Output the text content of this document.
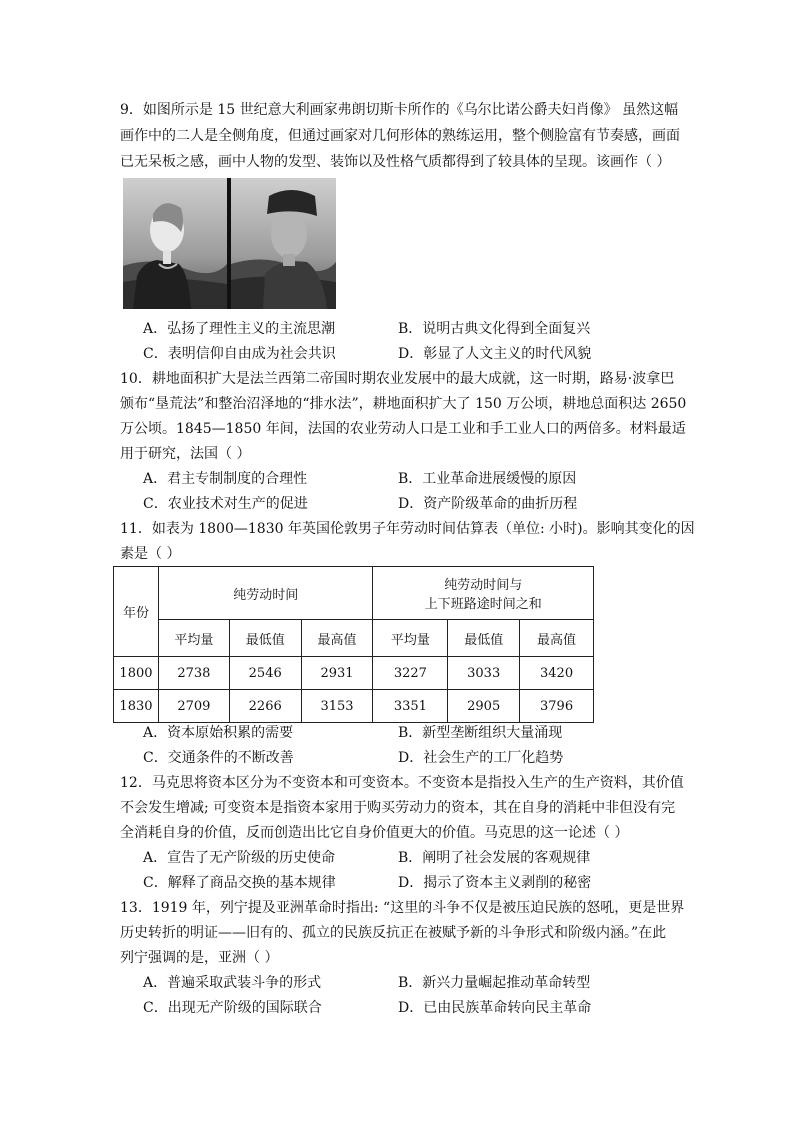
9．如图所示是 15 世纪意大利画家弗朗切斯卡所作的《乌尔比诺公爵夫妇肖像》 虽然这幅
画作中的二人是全侧角度，但通过画家对几何形体的熟练运用，整个侧脸富有节奏感，画面
已无呆板之感，画中人物的发型、装饰以及性格气质都得到了较具体的呈现。该画作（ ）
A．弘扬了理性主义的主流思潮	B．说明古典文化得到全面复兴
C．表明信仰自由成为社会共识	D．彰显了人文主义的时代风貌
10．耕地面积扩大是法兰西第二帝国时期农业发展中的最大成就，这一时期，路易·波拿巴
颁布“垦荒法”和整治沼泽地的“排水法”，耕地面积扩大了 150 万公顷，耕地总面积达 2650
万公顷。1845—1850 年间，法国的农业劳动人口是工业和手工业人口的两倍多。材料最适
用于研究，法国（ ）
A．君主专制制度的合理性	B．工业革命进展缓慢的原因
C．农业技术对生产的促进	D．资产阶级革命的曲折历程
11．如表为 1800—1830 年英国伦敦男子年劳动时间估算表（单位: 小时)。影响其变化的因
素是（ ）
年份	纯劳动时间			纯劳动时间与
上下班路途时间之和		

	平均量	最低值	最高值	平均量	最低值	最高值
1800	2738	2546	2931	3227	3033	3420
1830	2709	2266	3153	3351	2905	3796
A．资本原始积累的需要	B．新型垄断组织大量涌现
C．交通条件的不断改善	D．社会生产的工厂化趋势
12．马克思将资本区分为不变资本和可变资本。不变资本是指投入生产的生产资料，其价值
不会发生增减; 可变资本是指资本家用于购买劳动力的资本，其在自身的消耗中非但没有完
全消耗自身的价值，反而创造出比它自身价值更大的价值。马克思的这一论述（ ）
A．宣告了无产阶级的历史使命	B．阐明了社会发展的客观规律
C．解释了商品交换的基本规律	D．揭示了资本主义剥削的秘密
13．1919 年，列宁提及亚洲革命时指出: “这里的斗争不仅是被压迫民族的怒吼，更是世界
历史转折的明证——旧有的、孤立的民族反抗正在被赋予新的斗争形式和阶级内涵。”在此
列宁强调的是，亚洲（ ）
A．普遍采取武装斗争的形式	B．新兴力量崛起推动革命转型
C．出现无产阶级的国际联合	D．已由民族革命转向民主革命
